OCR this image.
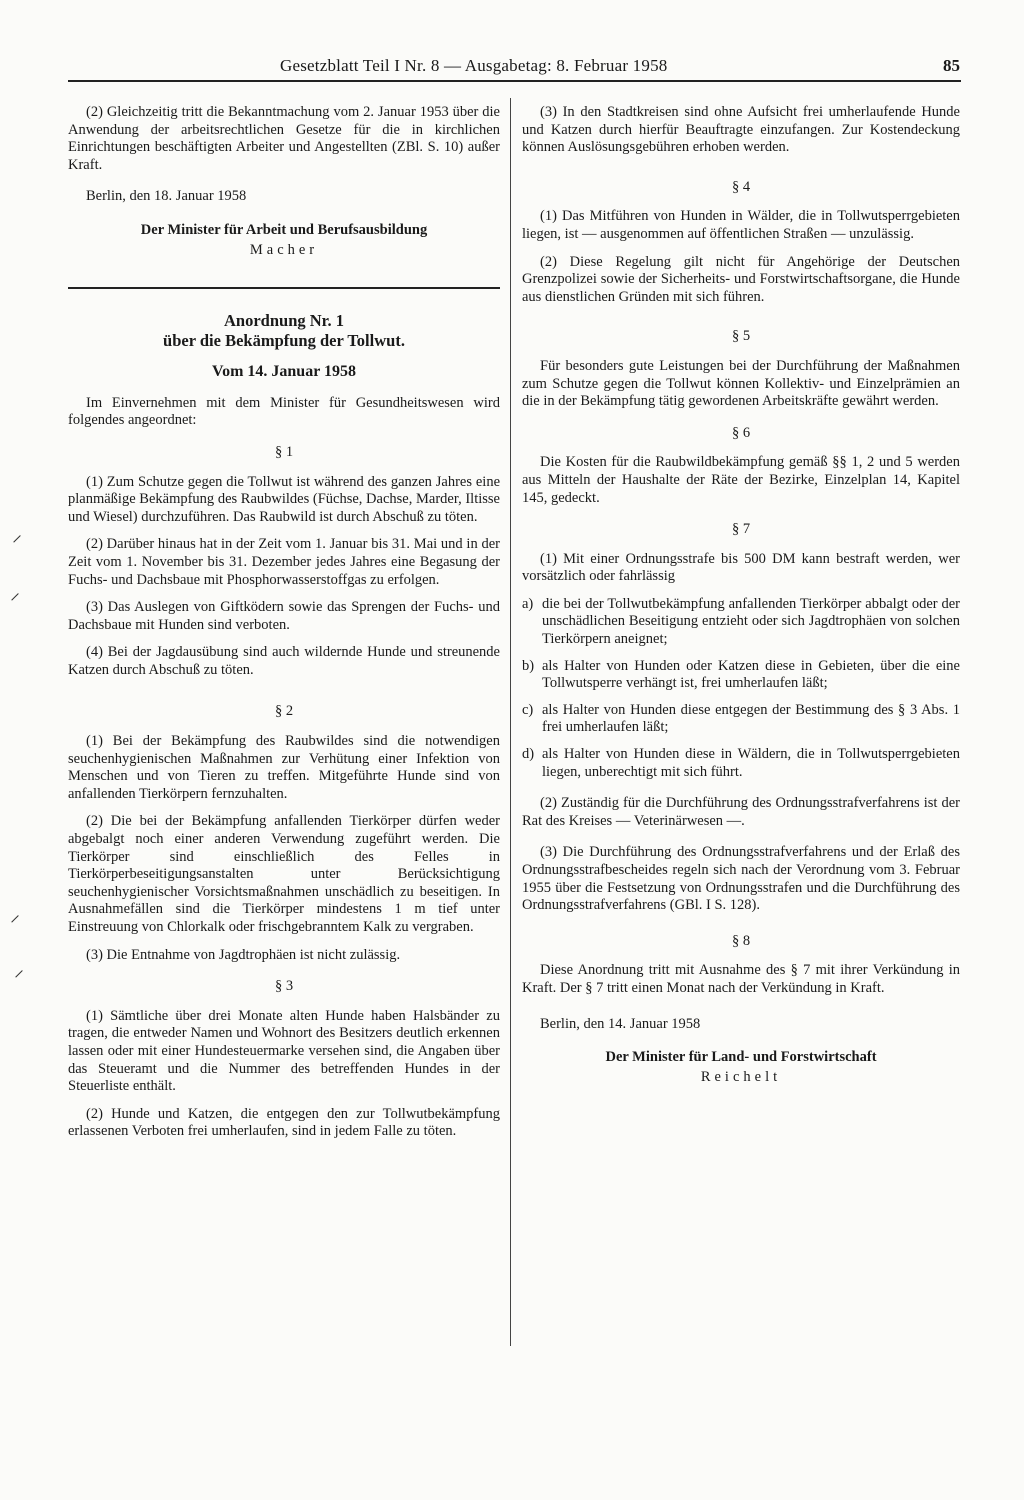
Gesetzblatt Teil I Nr. 8 — Ausgabetag: 8. Februar 1958	85
⸝
⸝
⸝
⸝

(2) Gleichzeitig tritt die Bekanntmachung vom 2. Januar 1953 über die Anwendung der arbeitsrechtlichen Gesetze für die in kirchlichen Einrichtungen beschäftigten Arbeiter und Angestellten (ZBl. S. 10) außer Kraft.

Berlin, den 18. Januar 1958
Der Minister für Arbeit und Berufsausbildung
Macher
Anordnung Nr. 1
über die Bekämpfung der Tollwut.
Vom 14. Januar 1958

Im Einvernehmen mit dem Minister für Gesundheitswesen wird folgendes angeordnet:

§ 1

(1) Zum Schutze gegen die Tollwut ist während des ganzen Jahres eine planmäßige Bekämpfung des Raubwildes (Füchse, Dachse, Marder, Iltisse und Wiesel) durchzuführen. Das Raubwild ist durch Abschuß zu töten.

(2) Darüber hinaus hat in der Zeit vom 1. Januar bis 31. Mai und in der Zeit vom 1. November bis 31. Dezember jedes Jahres eine Begasung der Fuchs- und Dachsbaue mit Phosphorwasserstoffgas zu erfolgen.

(3) Das Auslegen von Giftködern sowie das Sprengen der Fuchs- und Dachsbaue mit Hunden sind verboten.

(4) Bei der Jagdausübung sind auch wildernde Hunde und streunende Katzen durch Abschuß zu töten.

§ 2

(1) Bei der Bekämpfung des Raubwildes sind die notwendigen seuchenhygienischen Maßnahmen zur Verhütung einer Infektion von Menschen und von Tieren zu treffen. Mitgeführte Hunde sind von anfallenden Tierkörpern fernzuhalten.

(2) Die bei der Bekämpfung anfallenden Tierkörper dürfen weder abgebalgt noch einer anderen Verwendung zugeführt werden. Die Tierkörper sind einschließlich des Felles in Tierkörperbeseitigungsanstalten unter Berücksichtigung seuchenhygienischer Vorsichtsmaßnahmen unschädlich zu beseitigen. In Ausnahmefällen sind die Tierkörper mindestens 1 m tief unter Einstreuung von Chlorkalk oder frischgebranntem Kalk zu vergraben.

(3) Die Entnahme von Jagdtrophäen ist nicht zulässig.

§ 3

(1) Sämtliche über drei Monate alten Hunde haben Halsbänder zu tragen, die entweder Namen und Wohnort des Besitzers deutlich erkennen lassen oder mit einer Hundesteuermarke versehen sind, die Angaben über das Steueramt und die Nummer des betreffenden Hundes in der Steuerliste enthält.

(2) Hunde und Katzen, die entgegen den zur Tollwutbekämpfung erlassenen Verboten frei umherlaufen, sind in jedem Falle zu töten.

(3) In den Stadtkreisen sind ohne Aufsicht frei umherlaufende Hunde und Katzen durch hierfür Beauftragte einzufangen. Zur Kostendeckung können Auslösungsgebühren erhoben werden.

§ 4

(1) Das Mitführen von Hunden in Wälder, die in Tollwutsperrgebieten liegen, ist — ausgenommen auf öffentlichen Straßen — unzulässig.

(2) Diese Regelung gilt nicht für Angehörige der Deutschen Grenzpolizei sowie der Sicherheits- und Forstwirtschaftsorgane, die Hunde aus dienstlichen Gründen mit sich führen.

§ 5

Für besonders gute Leistungen bei der Durchführung der Maßnahmen zum Schutze gegen die Tollwut können Kollektiv- und Einzelprämien an die in der Bekämpfung tätig gewordenen Arbeitskräfte gewährt werden.

§ 6

Die Kosten für die Raubwildbekämpfung gemäß §§ 1, 2 und 5 werden aus Mitteln der Haushalte der Räte der Bezirke, Einzelplan 14, Kapitel 145, gedeckt.

§ 7

(1) Mit einer Ordnungsstrafe bis 500 DM kann bestraft werden, wer vorsätzlich oder fahrlässig

a) die bei der Tollwutbekämpfung anfallenden Tierkörper abbalgt oder der unschädlichen Beseitigung entzieht oder sich Jagdtrophäen von solchen Tierkörpern aneignet;
b) als Halter von Hunden oder Katzen diese in Gebieten, über die eine Tollwutsperre verhängt ist, frei umherlaufen läßt;
c) als Halter von Hunden diese entgegen der Bestimmung des § 3 Abs. 1 frei umherlaufen läßt;
d) als Halter von Hunden diese in Wäldern, die in Tollwutsperrgebieten liegen, unberechtigt mit sich führt.

(2) Zuständig für die Durchführung des Ordnungsstrafverfahrens ist der Rat des Kreises — Veterinärwesen —.

(3) Die Durchführung des Ordnungsstrafverfahrens und der Erlaß des Ordnungsstrafbescheides regeln sich nach der Verordnung vom 3. Februar 1955 über die Festsetzung von Ordnungsstrafen und die Durchführung des Ordnungsstrafverfahrens (GBl. I S. 128).

§ 8

Diese Anordnung tritt mit Ausnahme des § 7 mit ihrer Verkündung in Kraft. Der § 7 tritt einen Monat nach der Verkündung in Kraft.

Berlin, den 14. Januar 1958
Der Minister für Land- und Forstwirtschaft
Reichelt
